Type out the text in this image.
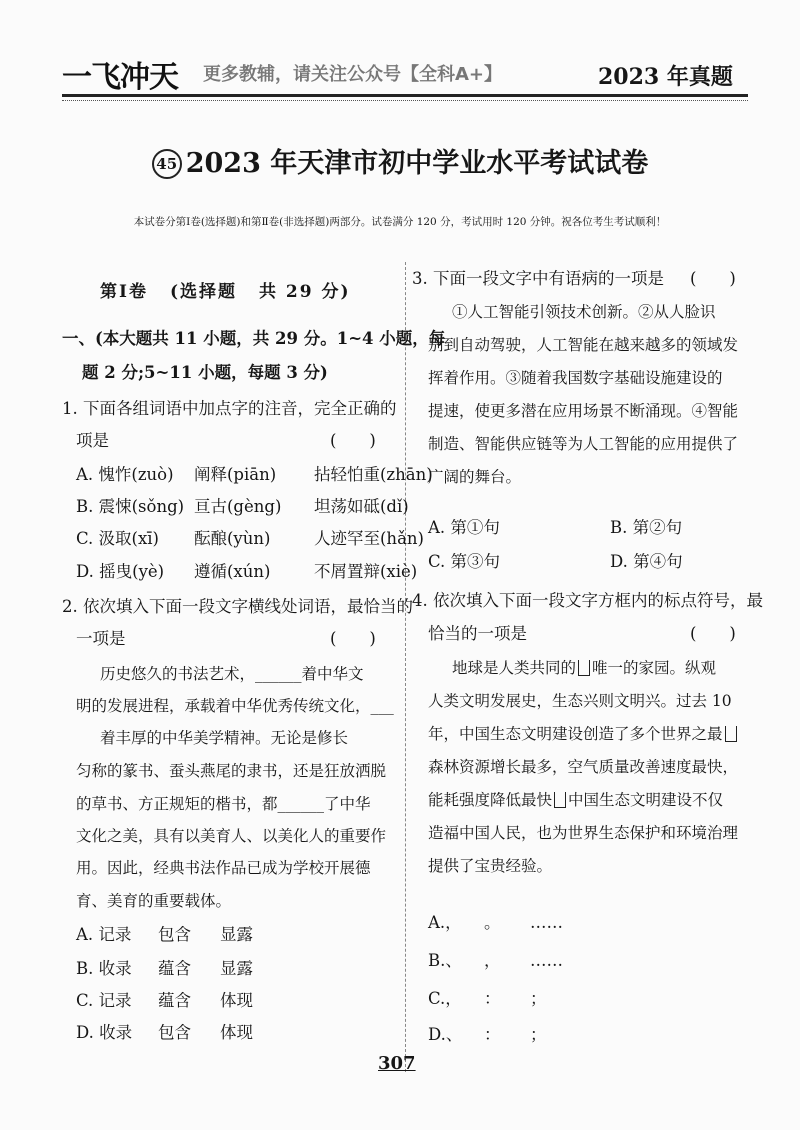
一飞冲天 更多教辅，请关注公众号【全科A+】	2023 年真题
45 2023 年天津市初中学业水平考试试卷
本试卷分第Ⅰ卷(选择题)和第Ⅱ卷(非选择题)两部分。试卷满分 120 分，考试用时 120 分钟。祝各位考生考试顺利！
第Ⅰ卷 (选择题 共 29 分)
一、(本大题共 11 小题，共 29 分。1~4 小题，每
题 2 分;5~11 小题，每题 3 分)
1. 下面各组词语中加点字的注音，完全正确的
项是	(　　)
A. 愧怍(zuò) 阐释(piān) 拈轻怕重(zhān)
B. 震悚(sǒng) 亘古(gèng) 坦荡如砥(dǐ)
C. 汲取(xī) 酝酿(yùn)	人迹罕至(hǎn)
D. 摇曳(yè) 遵循(xún)	不屑置辩(xiè)
2. 依次填入下面一段文字横线处词语，最恰当的
一项是	(　　)
历史悠久的书法艺术，______着中华文
明的发展进程，承载着中华优秀传统文化，___
着丰厚的中华美学精神。无论是修长
匀称的篆书、蚕头燕尾的隶书，还是狂放洒脱
的草书、方正规矩的楷书，都______了中华
文化之美，具有以美育人、以美化人的重要作
用。因此，经典书法作品已成为学校开展德
育、美育的重要载体。
A. 记录 包含 显露
B. 收录 蕴含 显露
C. 记录 蕴含 体现
D. 收录 包含 体现
3. 下面一段文字中有语病的一项是 (　　)
①人工智能引领技术创新。②从人脸识
别到自动驾驶，人工智能在越来越多的领域发
挥着作用。③随着我国数字基础设施建设的
提速，使更多潜在应用场景不断涌现。④智能
制造、智能供应链等为人工智能的应用提供了
广阔的舞台。
A. 第①句	B. 第②句
C. 第③句	D. 第④句
4. 依次填入下面一段文字方框内的标点符号，最
恰当的一项是	(　　)
地球是人类共同的 唯一的家园。纵观
人类文明发展史，生态兴则文明兴。过去 10
年，中国生态文明建设创造了多个世界之最
森林资源增长最多，空气质量改善速度最快，
能耗强度降低最快 中国生态文明建设不仅
造福中国人民，也为世界生态保护和环境治理
提供了宝贵经验。
A.， 。 ……
B.、 ， ……
C.， ： ；
D.、 ： ；
307
